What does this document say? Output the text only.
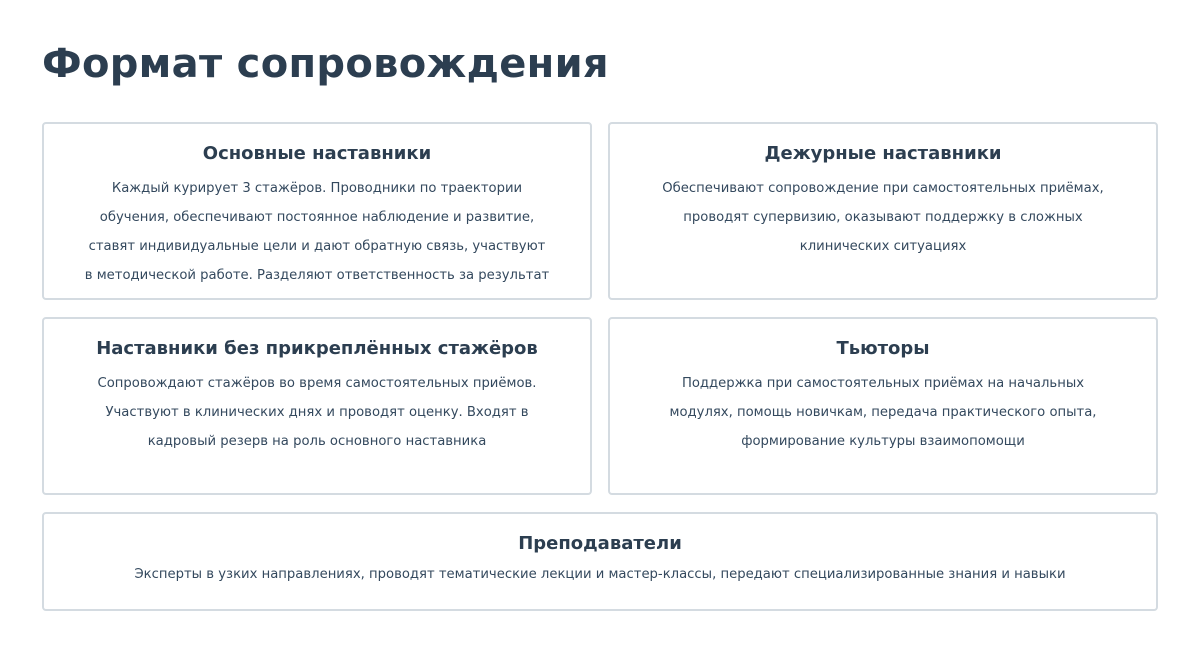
Формат сопровождения
Основные наставники
Каждый курирует 3 стажёров. Проводники по траектории
обучения, обеспечивают постоянное наблюдение и развитие,
ставят индивидуальные цели и дают обратную связь, участвуют
в методической работе. Разделяют ответственность за результат
Дежурные наставники
Обеспечивают сопровождение при самостоятельных приёмах,
проводят супервизию, оказывают поддержку в сложных
клинических ситуациях
Наставники без прикреплённых стажёров
Сопровождают стажёров во время самостоятельных приёмов.
Участвуют в клинических днях и проводят оценку. Входят в
кадровый резерв на роль основного наставника
Тьюторы
Поддержка при самостоятельных приёмах на начальных
модулях, помощь новичкам, передача практического опыта,
формирование культуры взаимопомощи
Преподаватели
Эксперты в узких направлениях, проводят тематические лекции и мастер-классы, передают специализированные знания и навыки
